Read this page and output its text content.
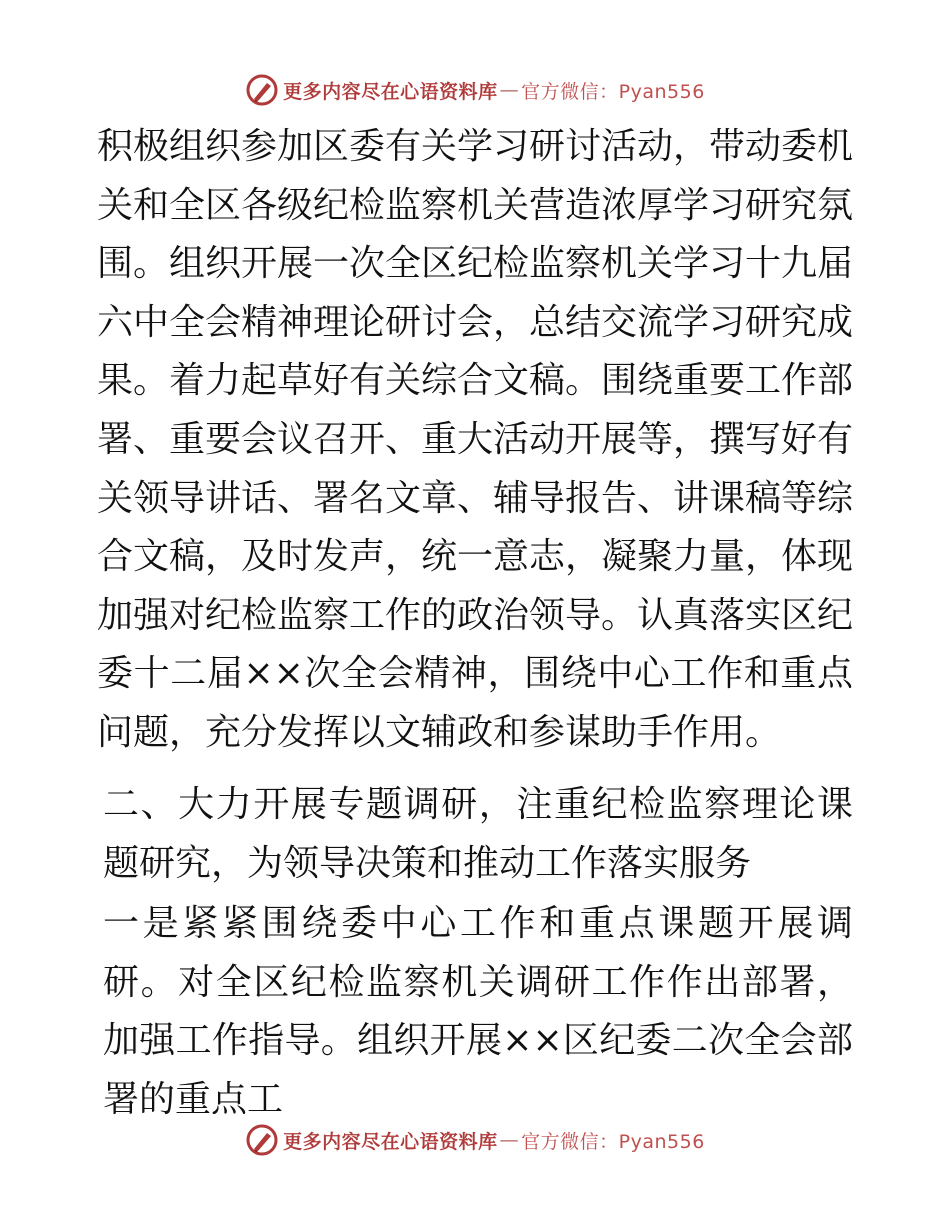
更多内容尽在心语资料库 — 官方微信：Pyan556

积极组织参加区委有关学习研讨活动，带动委机关和全区各级纪检监察机关营造浓厚学习研究氛围。组织开展一次全区纪检监察机关学习十九届六中全会精神理论研讨会，总结交流学习研究成果。着力起草好有关综合文稿。围绕重要工作部署、重要会议召开、重大活动开展等，撰写好有关领导讲话、署名文章、辅导报告、讲课稿等综合文稿，及时发声，统一意志，凝聚力量，体现加强对纪检监察工作的政治领导。认真落实区纪委十二届××次全会精神，围绕中心工作和重点问题，充分发挥以文辅政和参谋助手作用。

二、大力开展专题调研，注重纪检监察理论课题研究，为领导决策和推动工作落实服务

一是紧紧围绕委中心工作和重点课题开展调研。对全区纪检监察机关调研工作作出部署，加强工作指导。组织开展××区纪委二次全会部署的重点工

更多内容尽在心语资料库 — 官方微信：Pyan556
